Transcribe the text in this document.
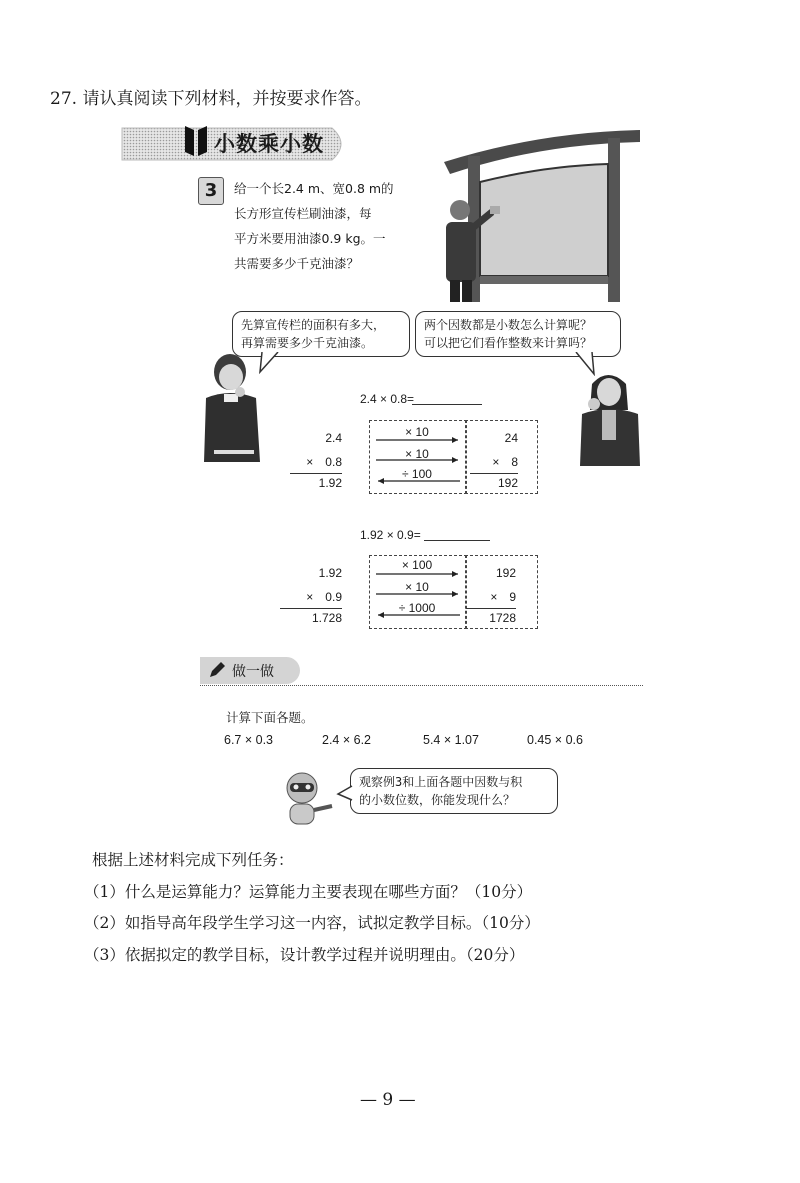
27. 请认真阅读下列材料，并按要求作答。
小数乘小数
3	给一个长2.4 m、宽0.8 m的
长方形宣传栏刷油漆，每
平方米要用油漆0.9 kg。一
共需要多少千克油漆？
先算宣传栏的面积有多大，
再算需要多少千克油漆。
两个因数都是小数怎么计算呢？
可以把它们看作整数来计算吗？
2.4 × 0.8=
2.4
×　0.8
1.92
× 10
× 10
÷ 100
24
×　8
192
1.92 × 0.9=
1.92
×　0.9
1.728
× 100
× 10
÷ 1000
192
×　9
1728
做一做
计算下面各题。
6.7 × 0.3	2.4 × 6.2	5.4 × 1.07	0.45 × 0.6
观察例3和上面各题中因数与积
的小数位数，你能发现什么？
根据上述材料完成下列任务：
（1）什么是运算能力？运算能力主要表现在哪些方面？（10分）
（2）如指导高年段学生学习这一内容，试拟定教学目标。（10分）
（3）依据拟定的教学目标，设计教学过程并说明理由。（20分）
— 9 —
